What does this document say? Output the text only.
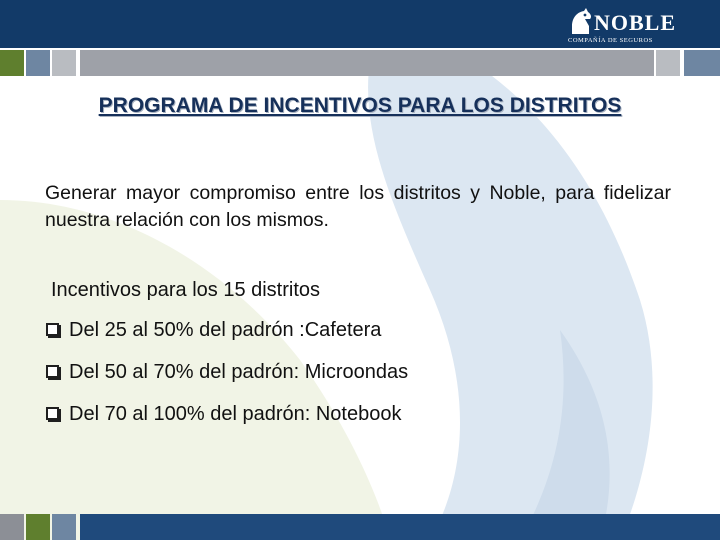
NOBLE
COMPAÑÍA DE SEGUROS
PROGRAMA DE INCENTIVOS PARA LOS DISTRITOS
Generar mayor compromiso entre los distritos y Noble, para fidelizar nuestra relación con los mismos.
Incentivos para los 15 distritos
Del 25 al 50% del padrón :Cafetera
Del 50 al 70% del padrón: Microondas
Del 70 al 100% del padrón: Notebook
